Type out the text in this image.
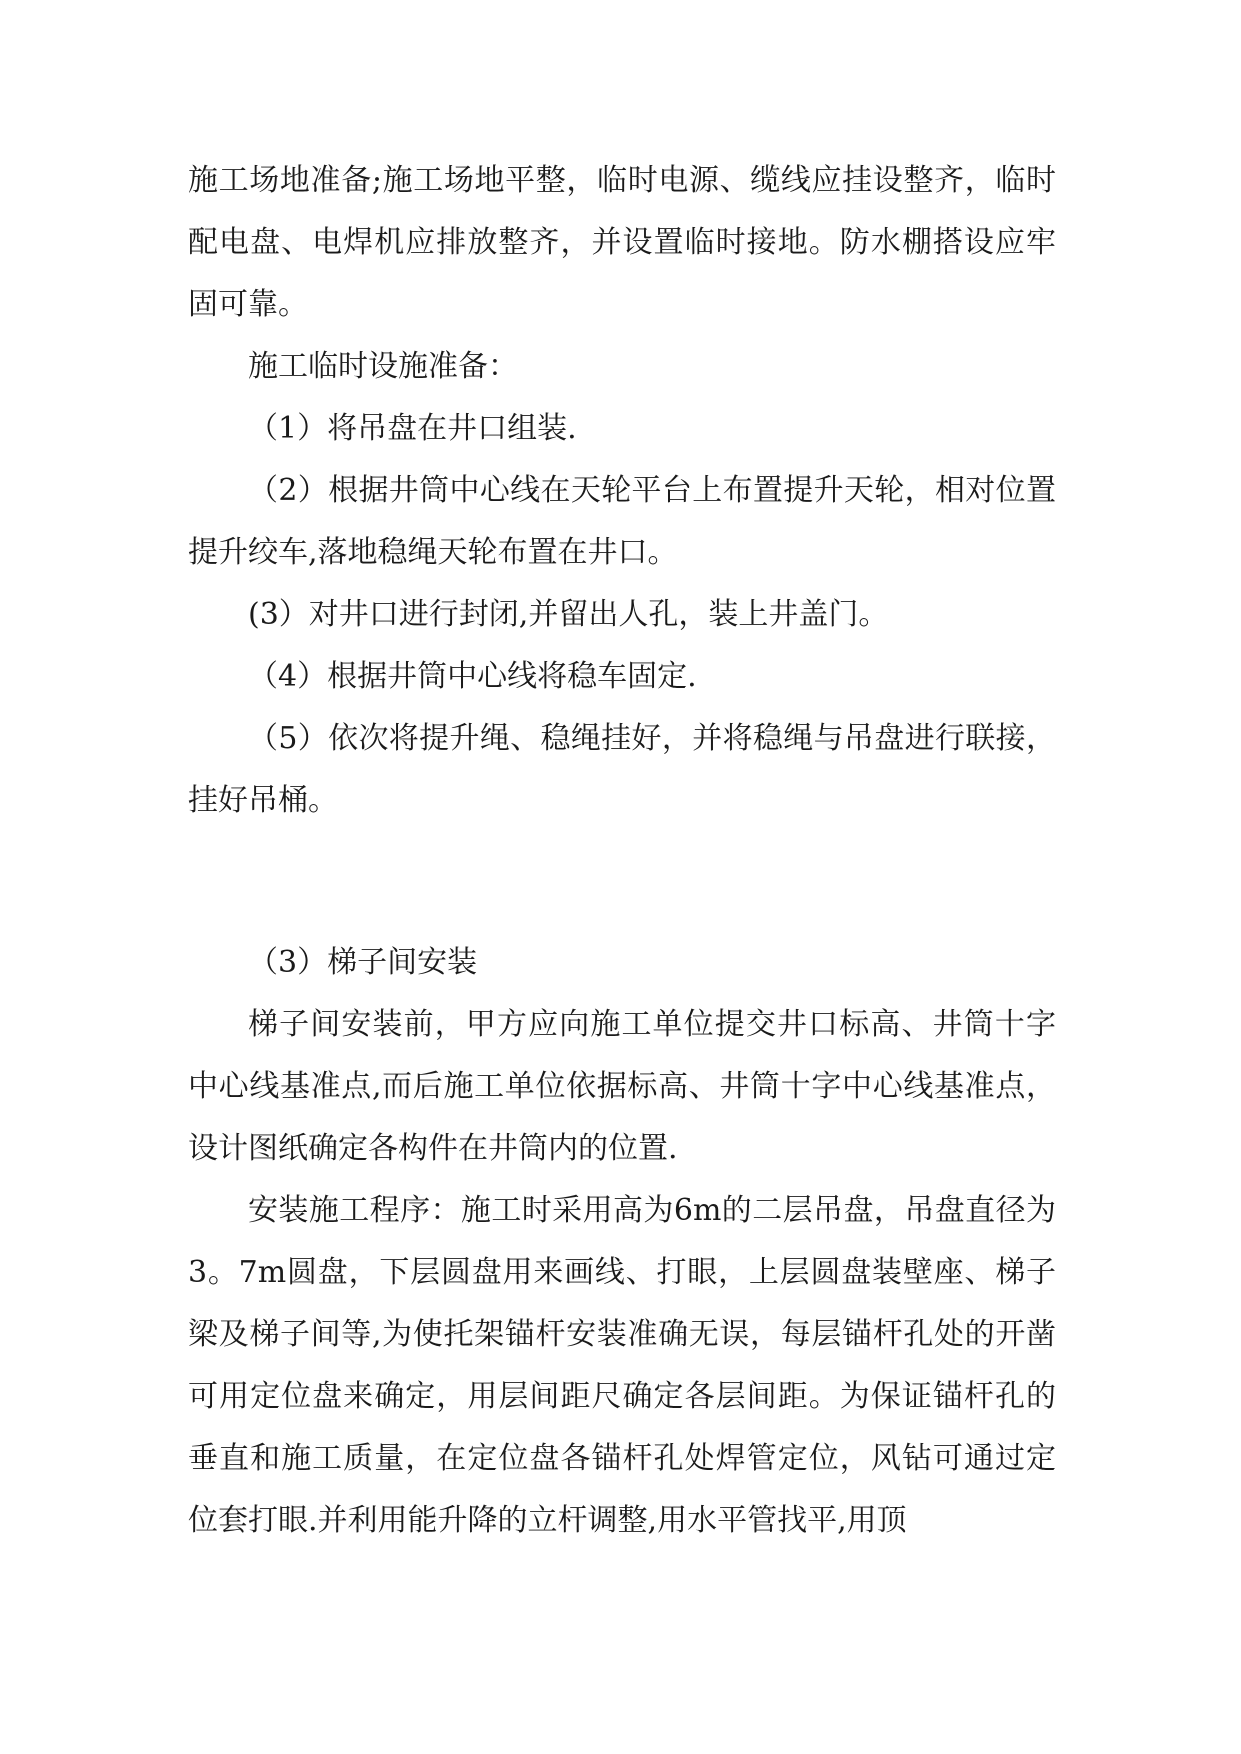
施工场地准备;施工场地平整，临时电源、缆线应挂设整齐，临时配电盘、电焊机应排放整齐，并设置临时接地。防水棚搭设应牢固可靠。

施工临时设施准备：

（1）将吊盘在井口组装.

（2）根据井筒中心线在天轮平台上布置提升天轮，相对位置提升绞车,落地稳绳天轮布置在井口。

(3）对井口进行封闭,并留出人孔，装上井盖门。

（4）根据井筒中心线将稳车固定.

（5）依次将提升绳、稳绳挂好，并将稳绳与吊盘进行联接，挂好吊桶。

（3）梯子间安装

梯子间安装前，甲方应向施工单位提交井口标高、井筒十字中心线基准点,而后施工单位依据标高、井筒十字中心线基准点，设计图纸确定各构件在井筒内的位置.

安装施工程序：施工时采用高为6m的二层吊盘，吊盘直径为3。7m圆盘，下层圆盘用来画线、打眼，上层圆盘装壁座、梯子梁及梯子间等,为使托架锚杆安装准确无误，每层锚杆孔处的开凿可用定位盘来确定，用层间距尺确定各层间距。为保证锚杆孔的垂直和施工质量，在定位盘各锚杆孔处焊管定位，风钻可通过定位套打眼.并利用能升降的立杆调整,用水平管找平,用顶
